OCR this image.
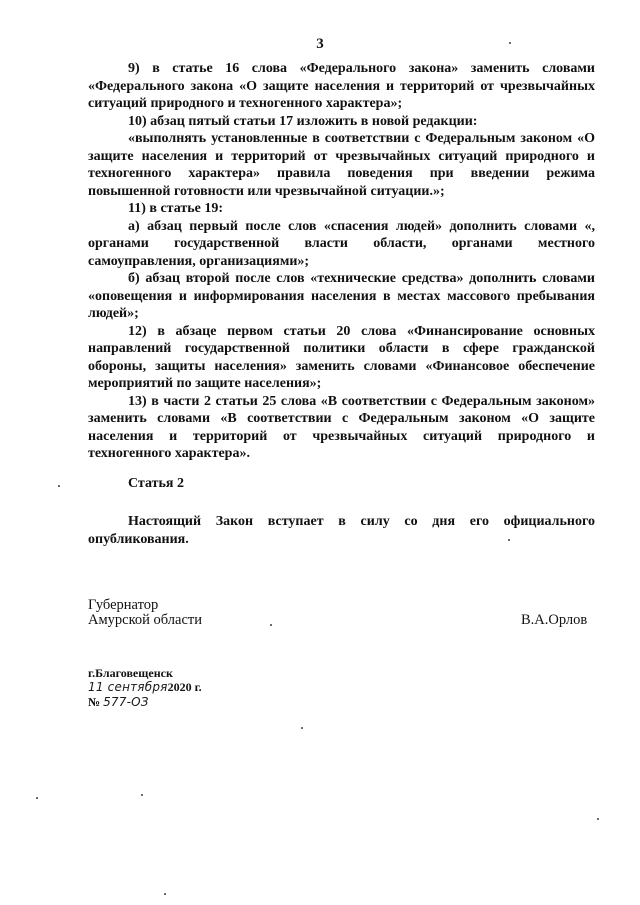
3

9) в статье 16 слова «Федерального закона» заменить словами «Федерального закона «О защите населения и территорий от чрезвычайных ситуаций природного и техногенного характера»;

10) абзац пятый статьи 17 изложить в новой редакции:

«выполнять установленные в соответствии с Федеральным законом «О защите населения и территорий от чрезвычайных ситуаций природного и техногенного характера» правила поведения при введении режима повышенной готовности или чрезвычайной ситуации.»;

11) в статье 19:

а) абзац первый после слов «спасения людей» дополнить словами «, органами государственной власти области, органами местного самоуправления, организациями»;

б) абзац второй после слов «технические средства» дополнить словами «оповещения и информирования населения в местах массового пребывания людей»;

12) в абзаце первом статьи 20 слова «Финансирование основных направлений государственной политики области в сфере гражданской обороны, защиты населения» заменить словами «Финансовое обеспечение мероприятий по защите населения»;

13) в части 2 статьи 25 слова «В соответствии с Федеральным законом» заменить словами «В соответствии с Федеральным законом «О защите населения и территорий от чрезвычайных ситуаций природного и техногенного характера».

Статья 2
Настоящий Закон вступает в силу со дня его официального опубликования.
Губернатор
Амурской области	В.А.Орлов
г.Благовещенск
11 сентября2020 г.
№ 577-ОЗ
